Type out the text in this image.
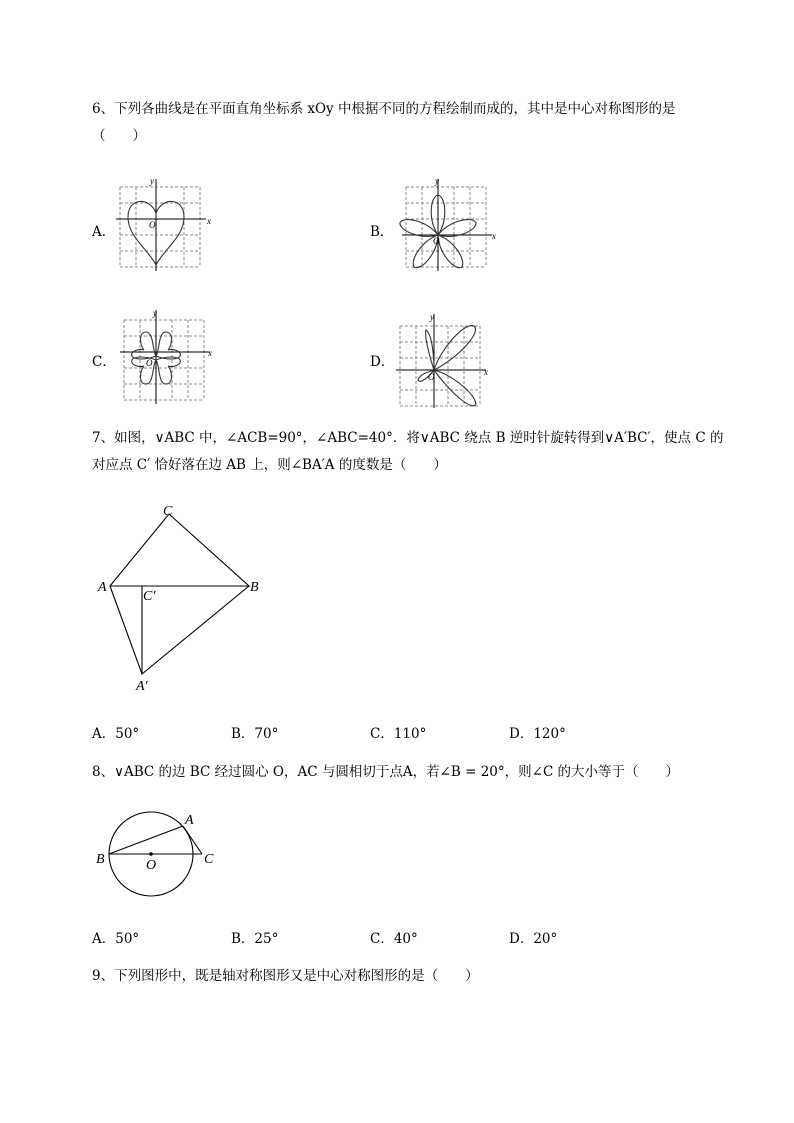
6、下列各曲线是在平面直角坐标系 xOy 中根据不同的方程绘制而成的，其中是中心对称图形的是
（　　）
A．	B．
C．	D．
x
y
O
x
y
O
x
y
O
x
y
O
7、如图，∨ABC 中，∠ACB=90°，∠ABC=40°．将∨ABC 绕点 B 逆时针旋转得到∨A′BC′，使点 C 的
对应点 C′ 恰好落在边 AB 上，则∠BA′A 的度数是（　　）
C
A	B
C′
A′
A．50°	B．70°	C．110°	D．120°
8、∨ABC 的边 BC 经过圆心 O，AC 与圆相切于点A，若∠B = 20°，则∠C 的大小等于（　　）
A
B	C
O
A．50°	B．25°	C．40°	D．20°
9、下列图形中，既是轴对称图形又是中心对称图形的是（　　）
